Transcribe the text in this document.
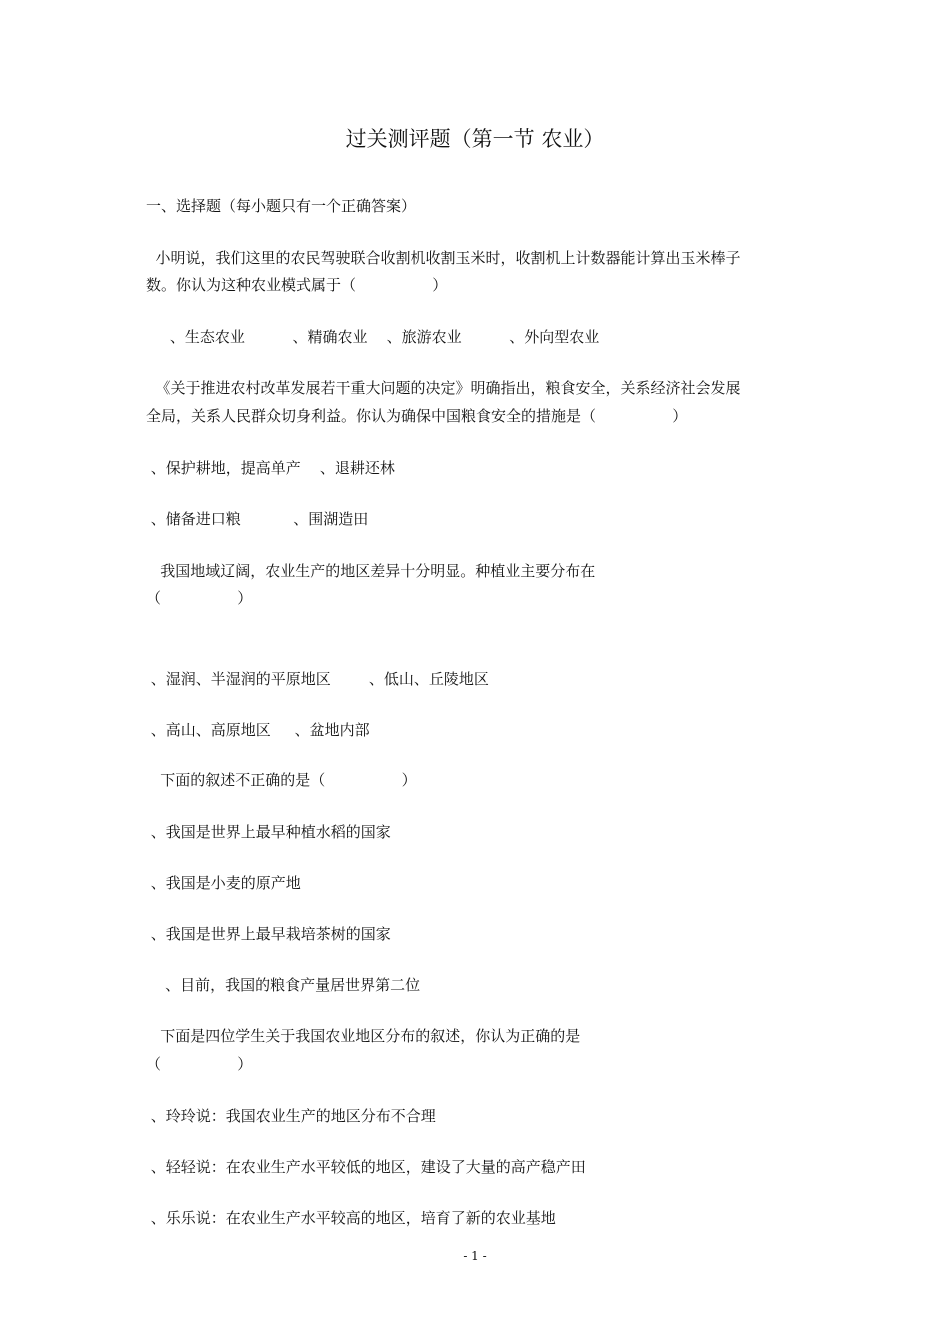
过关测评题（第一节 农业）
一、选择题（每小题只有一个正确答案）
小明说，我们这里的农民驾驶联合收割机收割玉米时，收割机上计数器能计算出玉米棒子
数。你认为这种农业模式属于（                ）
、生态农业          、精确农业    、旅游农业          、外向型农业
《关于推进农村改革发展若干重大问题的决定》明确指出，粮食安全，关系经济社会发展
全局，关系人民群众切身利益。你认为确保中国粮食安全的措施是（                ）
、保护耕地，提高单产    、退耕还林
、储备进口粮           、围湖造田
我国地域辽阔，农业生产的地区差异十分明显。种植业主要分布在
（                ）
、湿润、半湿润的平原地区        、低山、丘陵地区
、高山、高原地区     、盆地内部
下面的叙述不正确的是（                ）
、我国是世界上最早种植水稻的国家
、我国是小麦的原产地
、我国是世界上最早栽培茶树的国家
、目前，我国的粮食产量居世界第二位
下面是四位学生关于我国农业地区分布的叙述，你认为正确的是
（                ）
、玲玲说：我国农业生产的地区分布不合理
、轻轻说：在农业生产水平较低的地区，建设了大量的高产稳产田
、乐乐说：在农业生产水平较高的地区，培育了新的农业基地
- 1 -
